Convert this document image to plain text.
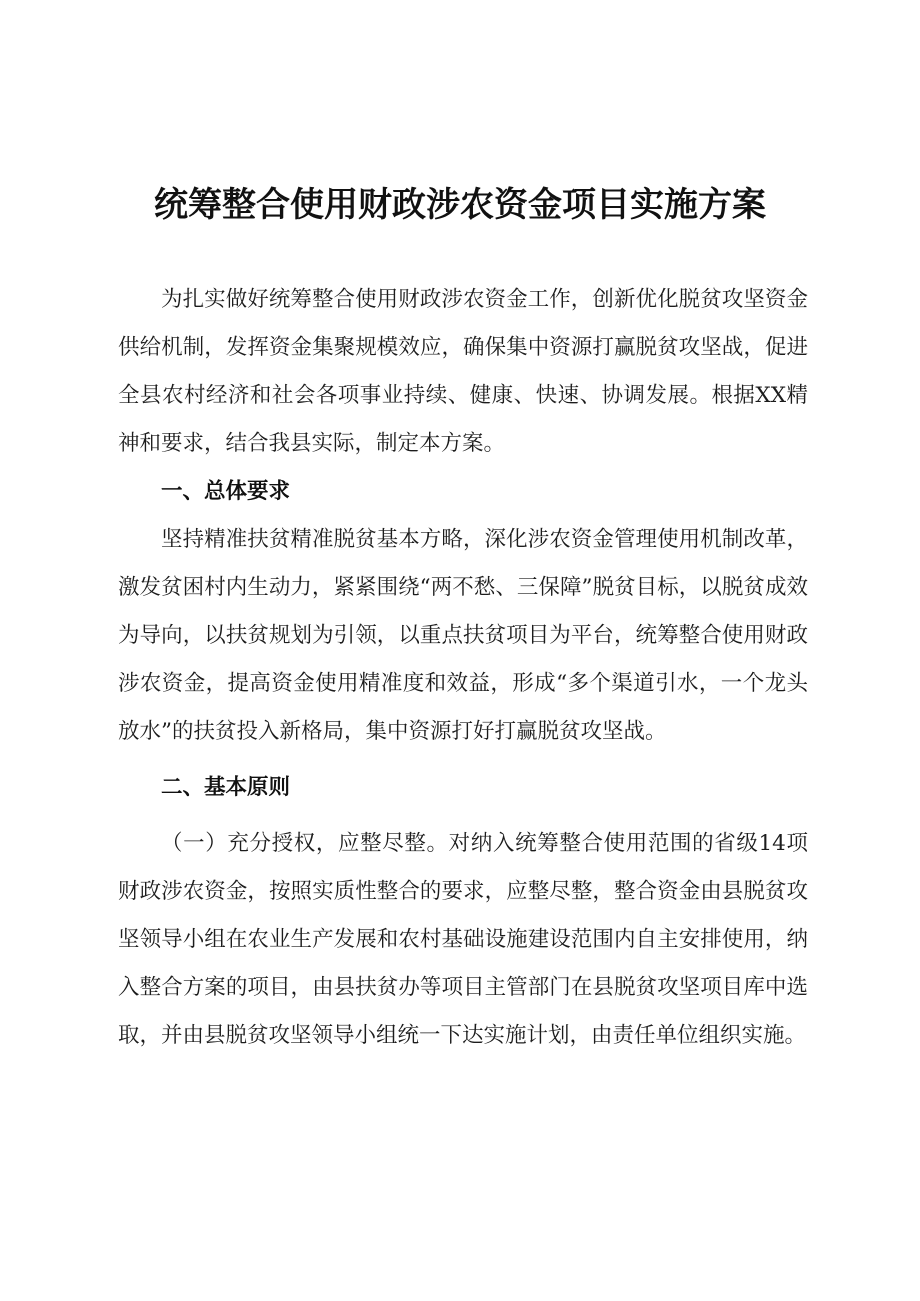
统筹整合使用财政涉农资金项目实施方案

为扎实做好统筹整合使用财政涉农资金工作，创新优化脱贫攻坚资金供给机制，发挥资金集聚规模效应，确保集中资源打赢脱贫攻坚战，促进全县农村经济和社会各项事业持续、健康、快速、协调发展。根据XX精神和要求，结合我县实际，制定本方案。

一、总体要求

坚持精准扶贫精准脱贫基本方略，深化涉农资金管理使用机制改革，激发贫困村内生动力，紧紧围绕“两不愁、三保障”脱贫目标，以脱贫成效为导向，以扶贫规划为引领，以重点扶贫项目为平台，统筹整合使用财政涉农资金，提高资金使用精准度和效益，形成“多个渠道引水，一个龙头放水”的扶贫投入新格局，集中资源打好打赢脱贫攻坚战。

二、基本原则

（一）充分授权，应整尽整。对纳入统筹整合使用范围的省级14项财政涉农资金，按照实质性整合的要求，应整尽整，整合资金由县脱贫攻坚领导小组在农业生产发展和农村基础设施建设范围内自主安排使用，纳入整合方案的项目，由县扶贫办等项目主管部门在县脱贫攻坚项目库中选取，并由县脱贫攻坚领导小组统一下达实施计划，由责任单位组织实施。
